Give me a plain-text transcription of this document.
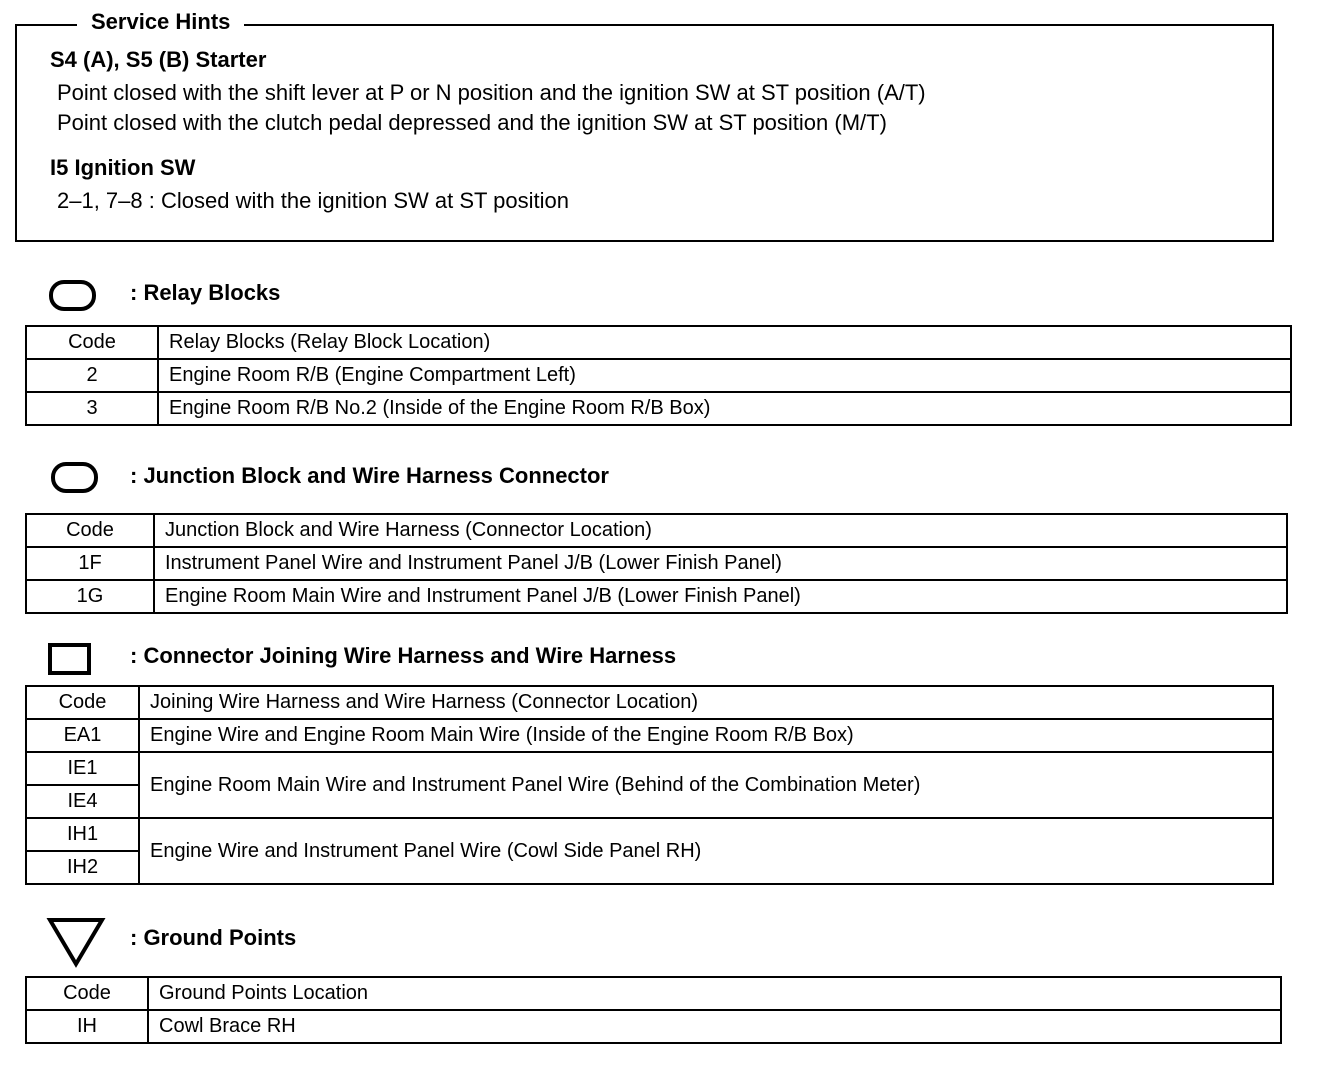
Service Hints
S4 (A), S5 (B) Starter
Point closed with the shift lever at P or N position and the ignition SW at ST position (A/T)
Point closed with the clutch pedal depressed and the ignition SW at ST position (M/T)
I5 Ignition SW
2–1, 7–8 : Closed with the ignition SW at ST position
: Relay Blocks
Code	Relay Blocks (Relay Block Location)
2	Engine Room R/B (Engine Compartment Left)
3	Engine Room R/B No.2 (Inside of the Engine Room R/B Box)
: Junction Block and Wire Harness Connector
Code	Junction Block and Wire Harness (Connector Location)
1F	Instrument Panel Wire and Instrument Panel J/B (Lower Finish Panel)
1G	Engine Room Main Wire and Instrument Panel J/B (Lower Finish Panel)
: Connector Joining Wire Harness and Wire Harness
Code	Joining Wire Harness and Wire Harness (Connector Location)
EA1	Engine Wire and Engine Room Main Wire (Inside of the Engine Room R/B Box)
IE1	Engine Room Main Wire and Instrument Panel Wire (Behind of the Combination Meter)
IE4	
IH1	Engine Wire and Instrument Panel Wire (Cowl Side Panel RH)
IH2	
: Ground Points
Code	Ground Points Location
IH	Cowl Brace RH
